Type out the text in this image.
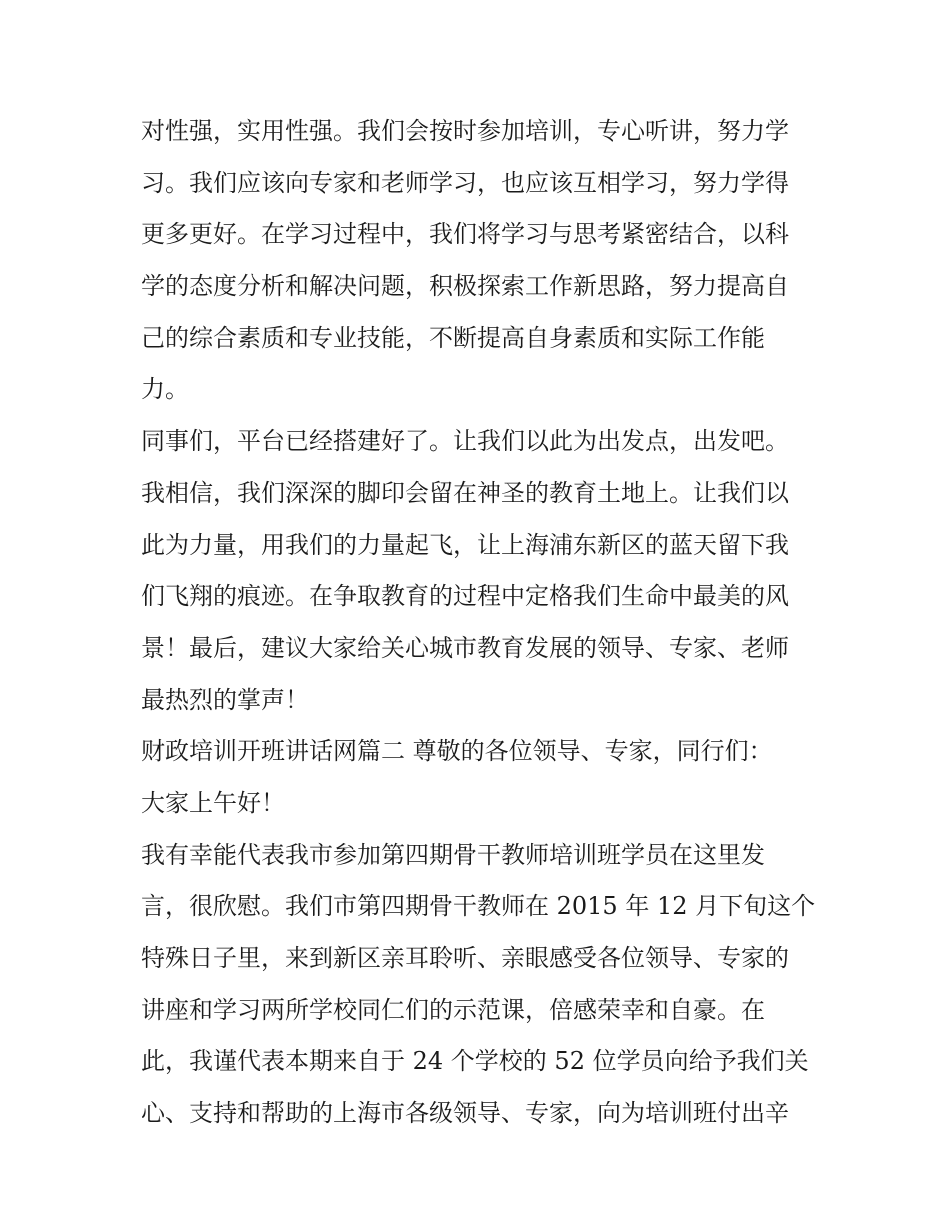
对性强，实用性强。我们会按时参加培训，专心听讲，努力学
习。我们应该向专家和老师学习，也应该互相学习，努力学得
更多更好。在学习过程中，我们将学习与思考紧密结合，以科
学的态度分析和解决问题，积极探索工作新思路，努力提高自
己的综合素质和专业技能，不断提高自身素质和实际工作能
力。
同事们，平台已经搭建好了。让我们以此为出发点，出发吧。
我相信，我们深深的脚印会留在神圣的教育土地上。让我们以
此为力量，用我们的力量起飞，让上海浦东新区的蓝天留下我
们飞翔的痕迹。在争取教育的过程中定格我们生命中最美的风
景！最后，建议大家给关心城市教育发展的领导、专家、老师
最热烈的掌声！
财政培训开班讲话网篇二 尊敬的各位领导、专家，同行们：
大家上午好！
我有幸能代表我市参加第四期骨干教师培训班学员在这里发
言，很欣慰。我们市第四期骨干教师在 2015 年 12 月下旬这个
特殊日子里，来到新区亲耳聆听、亲眼感受各位领导、专家的
讲座和学习两所学校同仁们的示范课，倍感荣幸和自豪。在
此，我谨代表本期来自于 24 个学校的 52 位学员向给予我们关
心、支持和帮助的上海市各级领导、专家，向为培训班付出辛
